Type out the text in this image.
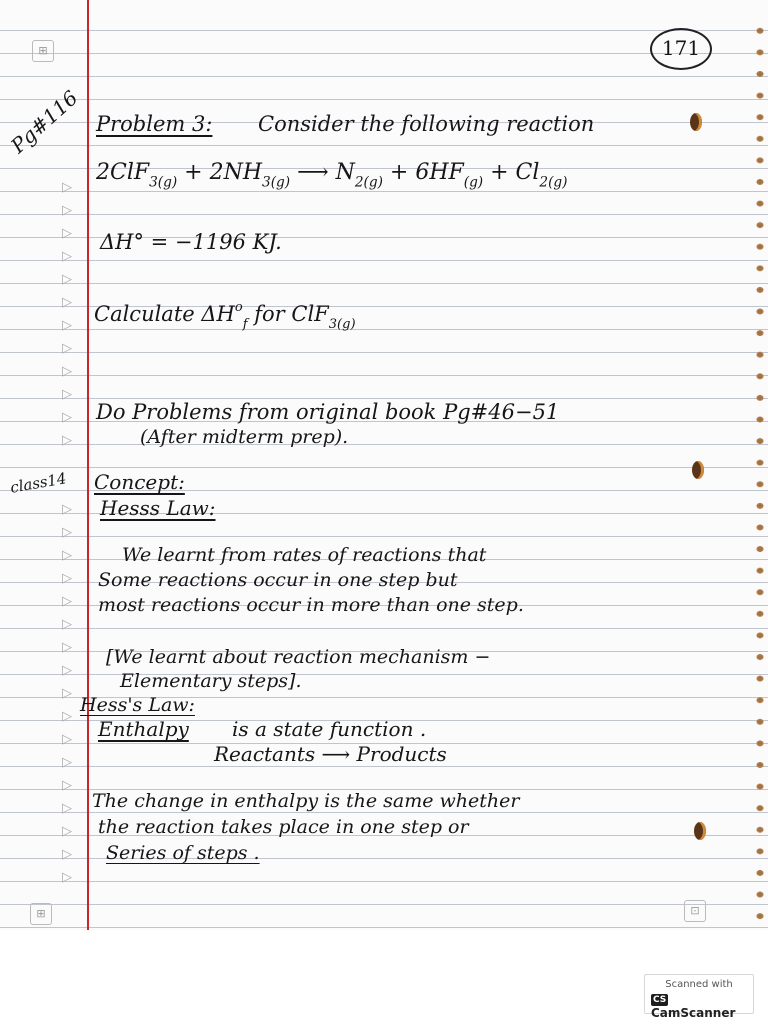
▷
▷
▷
▷
▷
▷
▷
▷
▷
▷
▷
▷
▷
▷
▷
▷
▷
▷
▷
▷
▷
▷
▷
▷
▷
▷
▷
▷
▷
⊞
⊞	⊡
171
Pg#116
class14
Problem 3: Consider the following reaction
$2ClF_{3(g)} + 2NH_{3(g)}$ ⟶ $N_{2(g)} + 6HF_{(g)} + Cl_{2(g)}$
ΔH° = −1196 KJ.
Calculate $\Delta H^o_f$ for ClF$_{3(g)}$
Do Problems from original book Pg#46−51
(After midterm prep).
Concept:
Hesss Law:
We learnt from rates of reactions that
Some reactions occur in one step but
most reactions occur in more than one step.
[We learnt about reaction mechanism −
Elementary steps].
Hess's Law:
Enthalpy is a state function .
Reactants ⟶ Products
The change in enthalpy is the same whether
the reaction takes place in one step or
Series of steps .
Scanned with
CSCamScanner
